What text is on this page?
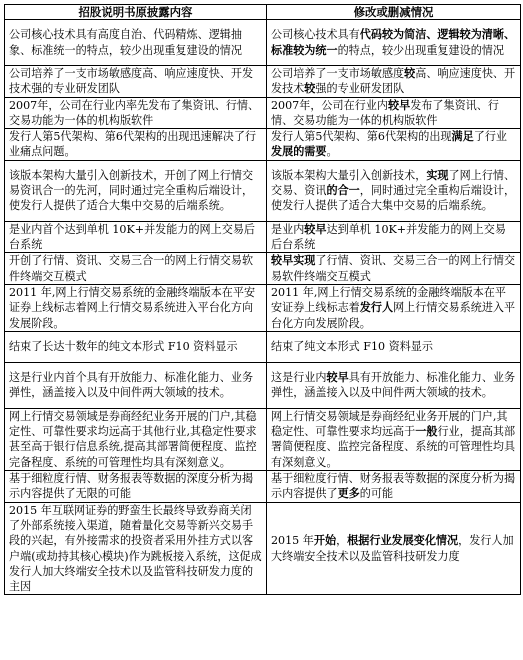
招股说明书原披露内容	修改或删减情况
公司核心技术具有高度自治、代码精炼、逻辑抽象、标准统一的特点，较少出现重复建设的情况	公司核心技术具有代码较为简洁、逻辑较为清晰、标准较为统一的特点，较少出现重复建设的情况
公司培养了一支市场敏感度高、响应速度快、开发技术强的专业研发团队	公司培养了一支市场敏感度较高、响应速度快、开发技术较强的专业研发团队
2007年，公司在行业内率先发布了集资讯、行情、交易功能为一体的机构版软件	2007年，公司在行业内较早发布了集资讯、行情、交易功能为一体的机构版软件
发行人第5代架构、第6代架构的出现迅速解决了行业痛点问题。	发行人第5代架构、第6代架构的出现满足了行业发展的需要。
该版本架构大量引入创新技术，开创了网上行情交易资讯合一的先河，同时通过完全重构后端设计，使发行人提供了适合大集中交易的后端系统。	该版本架构大量引入创新技术，实现了网上行情、交易、资讯的合一，同时通过完全重构后端设计，使发行人提供了适合大集中交易的后端系统。
是业内首个达到单机 10K+并发能力的网上交易后台系统	是业内较早达到单机 10K+并发能力的网上交易后台系统
开创了行情、资讯、交易三合一的网上行情交易软件终端交互模式	较早实现了行情、资讯、交易三合一的网上行情交易软件终端交互模式
2011 年,网上行情交易系统的金融终端版本在平安证券上线标志着网上行情交易系统进入平台化方向发展阶段。	2011 年,网上行情交易系统的金融终端版本在平安证券上线标志着发行人网上行情交易系统进入平台化方向发展阶段。
结束了长达十数年的纯文本形式 F10 资料显示	结束了纯文本形式 F10 资料显示
这是行业内首个具有开放能力、标准化能力、业务弹性，涵盖接入以及中间件两大领域的技术。	这是行业内较早具有开放能力、标准化能力、业务弹性，涵盖接入以及中间件两大领域的技术。
网上行情交易领域是券商经纪业务开展的门户,其稳定性、可靠性要求均远高于其他行业,其稳定性要求甚至高于银行信息系统,提高其部署简便程度、监控完备程度、系统的可管理性均具有深刻意义。	网上行情交易领域是券商经纪业务开展的门户,其稳定性、可靠性要求均远高于一般行业，提高其部署简便程度、监控完备程度、系统的可管理性均具有深刻意义。
基于细粒度行情、财务报表等数据的深度分析为揭示内容提供了无限的可能	基于细粒度行情、财务报表等数据的深度分析为揭示内容提供了更多的可能
2015 年互联网证券的野蛮生长最终导致券商关闭了外部系统接入渠道，随着量化交易等新兴交易手段的兴起，有外接需求的投资者采用外挂方式以客户端(或劫持其核心模块)作为跳板接入系统，这促成发行人加大终端安全技术以及监管科技研发力度的主因	2015 年开始，根据行业发展变化情况，发行人加大终端安全技术以及监管科技研发力度
